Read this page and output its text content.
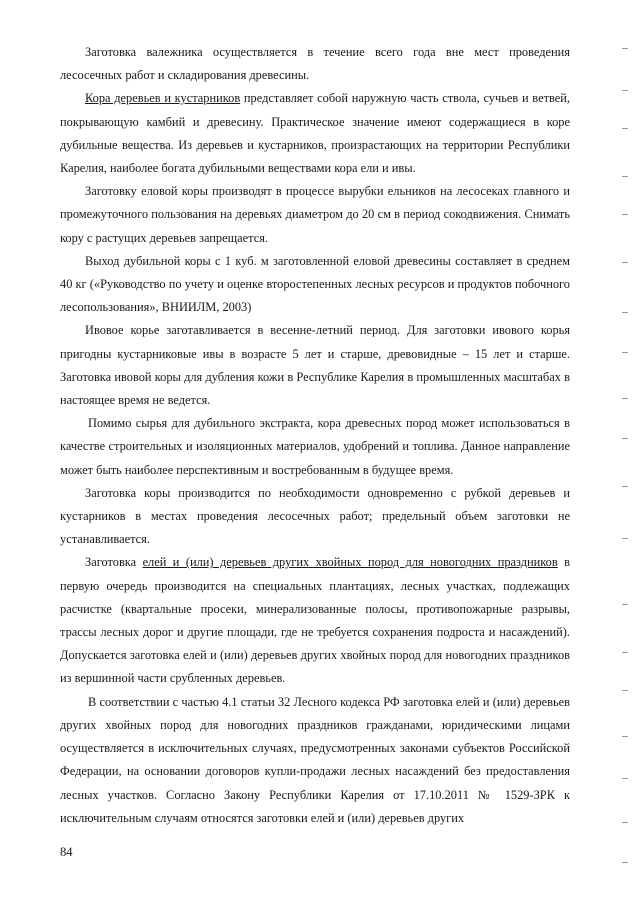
Заготовка валежника осуществляется в течение всего года вне мест проведения лесосечных работ и складирования древесины.

Кора деревьев и кустарников представляет собой наружную часть ствола, сучьев и ветвей, покрывающую камбий и древесину. Практическое значение имеют содержащиеся в коре дубильные вещества. Из деревьев и кустарников, произрастающих на территории Республики Карелия, наиболее богата дубильными веществами кора ели и ивы.

Заготовку еловой коры производят в процессе вырубки ельников на лесосеках главного и промежуточного пользования на деревьях диаметром до 20 см в период сокодвижения. Снимать кору с растущих деревьев запрещается.

Выход дубильной коры с 1 куб. м заготовленной еловой древесины составляет в среднем 40 кг («Руководство по учету и оценке второстепенных лесных ресурсов и продуктов побочного лесопользования», ВНИИЛМ, 2003)

Ивовое корье заготавливается в весенне-летний период. Для заготовки ивового корья пригодны кустарниковые ивы в возрасте 5 лет и старше, древовидные – 15 лет и старше. Заготовка ивовой коры для дубления кожи в Республике Карелия в промышленных масштабах в настоящее время не ведется.

Помимо сырья для дубильного экстракта, кора древесных пород может использоваться в качестве строительных и изоляционных материалов, удобрений и топлива. Данное направление может быть наиболее перспективным и востребованным в будущее время.

Заготовка коры производится по необходимости одновременно с рубкой деревьев и кустарников в местах проведения лесосечных работ; предельный объем заготовки не устанавливается.

Заготовка елей и (или) деревьев других хвойных пород для новогодних праздников в первую очередь производится на специальных плантациях, лесных участках, подлежащих расчистке (квартальные просеки, минерализованные полосы, противопожарные разрывы, трассы лесных дорог и другие площади, где не требуется сохранения подроста и насаждений). Допускается заготовка елей и (или) деревьев других хвойных пород для новогодних праздников из вершинной части срубленных деревьев.

В соответствии с частью 4.1 статьи 32 Лесного кодекса РФ заготовка елей и (или) деревьев других хвойных пород для новогодних праздников гражданами, юридическими лицами осуществляется в исключительных случаях, предусмотренных законами субъектов Российской Федерации, на основании договоров купли-продажи лесных насаждений без предоставления лесных участков. Согласно Закону Республики Карелия от 17.10.2011 № 1529-ЗРК к исключительным случаям относятся заготовки елей и (или) деревьев других

84
